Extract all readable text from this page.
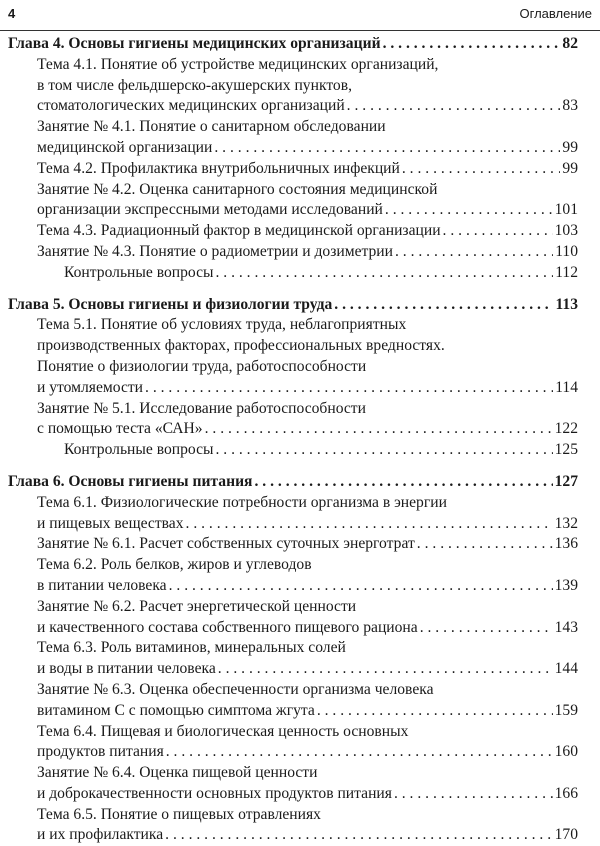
4	Оглавление
Глава 4. Основы гигиены медицинских организаций . . .	82
Тема 4.1. Понятие об устройстве медицинских организаций,
в том числе фельдшерско-акушерских пунктов,
стоматологических медицинских организаций . . .	83
Занятие № 4.1. Понятие о санитарном обследовании
медицинской организации . . .	99
Тема 4.2. Профилактика внутрибольничных инфекций . . .	99
Занятие № 4.2. Оценка санитарного состояния медицинской
организации экспрессными методами исследований . . .	101
Тема 4.3. Радиационный фактор в медицинской организации . . .	103
Занятие № 4.3. Понятие о радиометрии и дозиметрии . . .	110
Контрольные вопросы . . .	112
Глава 5. Основы гигиены и физиологии труда . . .	113
Тема 5.1. Понятие об условиях труда, неблагоприятных
производственных факторах, профессиональных вредностях.
Понятие о физиологии труда, работоспособности
и утомляемости . . .	114
Занятие № 5.1. Исследование работоспособности
с помощью теста «САН» . . .	122
Контрольные вопросы . . .	125
Глава 6. Основы гигиены питания . . .	127
Тема 6.1. Физиологические потребности организма в энергии
и пищевых веществах . . .	132
Занятие № 6.1. Расчет собственных суточных энерготрат . . .	136
Тема 6.2. Роль белков, жиров и углеводов
в питании человека . . .	139
Занятие № 6.2. Расчет энергетической ценности
и качественного состава собственного пищевого рациона . . .	143
Тема 6.3. Роль витаминов, минеральных солей
и воды в питании человека . . .	144
Занятие № 6.3. Оценка обеспеченности организма человека
витамином С с помощью симптома жгута . . .	159
Тема 6.4. Пищевая и биологическая ценность основных
продуктов питания . . .	160
Занятие № 6.4. Оценка пищевой ценности
и доброкачественности основных продуктов питания . . .	166
Тема 6.5. Понятие о пищевых отравлениях
и их профилактика . . .	170
